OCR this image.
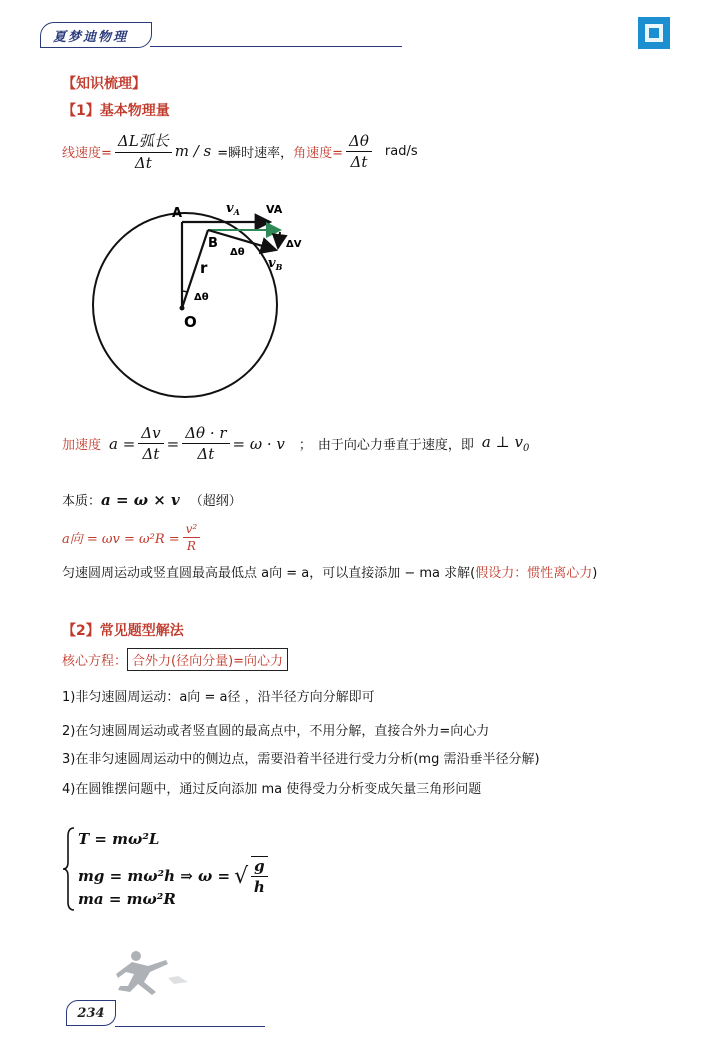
夏梦迪物理
【知识梳理】
【1】基本物理量
线速度= $\frac{\text{ΔL弧长}}{\Delta t}$ m / s =瞬时速率， 角速度= $\frac{\Delta\theta}{\Delta t} rad/s$
A
B
O
r
Δθ
Δθ
$v_A$ VA
$v_B$
ΔV
加速度 $a = \frac{\Delta v}{\Delta t} = \frac{\Delta\theta \cdot r}{\Delta t} = \omega \cdot v$ ； 由于向心力垂直于速度，即 a ⊥ $v_0$
本质： a = ω × v （超纲）
a向 = $\omega v = \omega^2R = \frac{\text{v²}}{R}$
匀速圆周运动或竖直圆最高最低点 a向 = a，可以直接添加 − ma 求解(假设力：惯性离心力)
【2】常见题型解法
核心方程： 合外力(径向分量)=向心力
1)非匀速圆周运动：a向 = a径 ，沿半径方向分解即可
2)在匀速圆周运动或者竖直圆的最高点中，不用分解，直接合外力=向心力
3)在非匀速圆周运动中的侧边点，需要沿着半径进行受力分析(mg 需沿垂半径分解)
4)在圆锥摆问题中，通过反向添加 ma 使得受力分析变成矢量三角形问题
T = mω²L
mg = mω²h ⇒ ω = √ $\frac{g}{h}$
ma = mω²R
234
